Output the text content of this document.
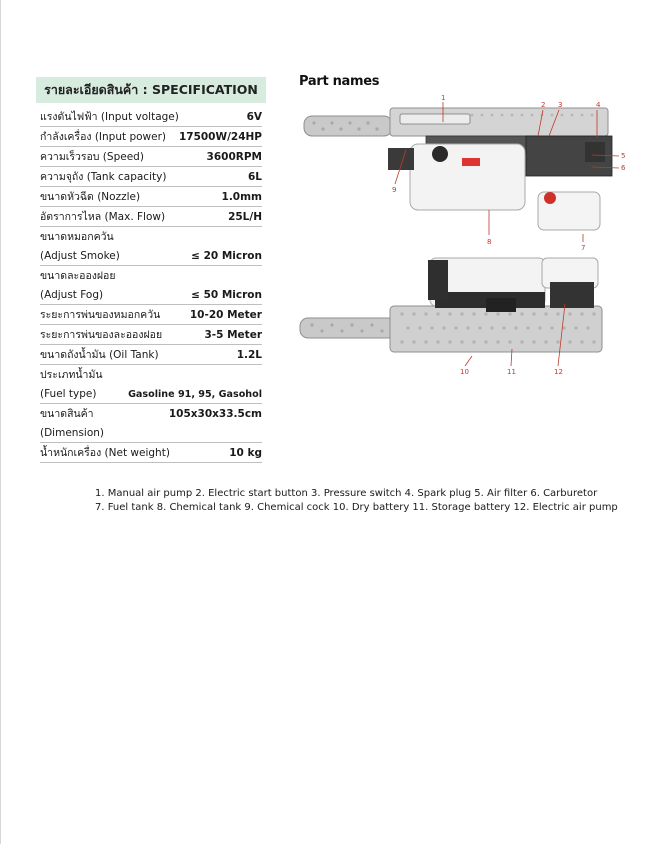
รายละเอียดสินค้า : SPECIFICATION
แรงดันไฟฟ้า (Input voltage)	6V
กำลังเครื่อง (Input power) 17500W/24HP
ความเร็วรอบ (Speed)	3600RPM
ความจุถัง (Tank capacity)	6L
ขนาดหัวฉีด (Nozzle)	1.0mm
อัตราการไหล (Max. Flow)	25L/H
ขนาดหมอกควัน
(Adjust Smoke)	≤ 20 Micron
ขนาดละอองฝอย
(Adjust Fog)	≤ 50 Micron
ระยะการพ่นของหมอกควัน	10-20 Meter
ระยะการพ่นของละอองฝอย	3-5 Meter
ขนาดถังน้ำมัน (Oil Tank)	1.2L
ประเภทน้ำมัน
(Fuel type)	Gasoline 91, 95, Gasohol
ขนาดสินค้า	105x30x33.5cm
(Dimension)
น้ำหนักเครื่อง (Net weight)	10 kg
Part names
1
2 3	4
5
6
7
8
9
10	11	12
1. Manual air pump 2. Electric start button 3. Pressure switch 4. Spark plug 5. Air filter 6. Carburetor
7. Fuel tank 8. Chemical tank 9. Chemical cock 10. Dry battery 11. Storage battery 12. Electric air pump
